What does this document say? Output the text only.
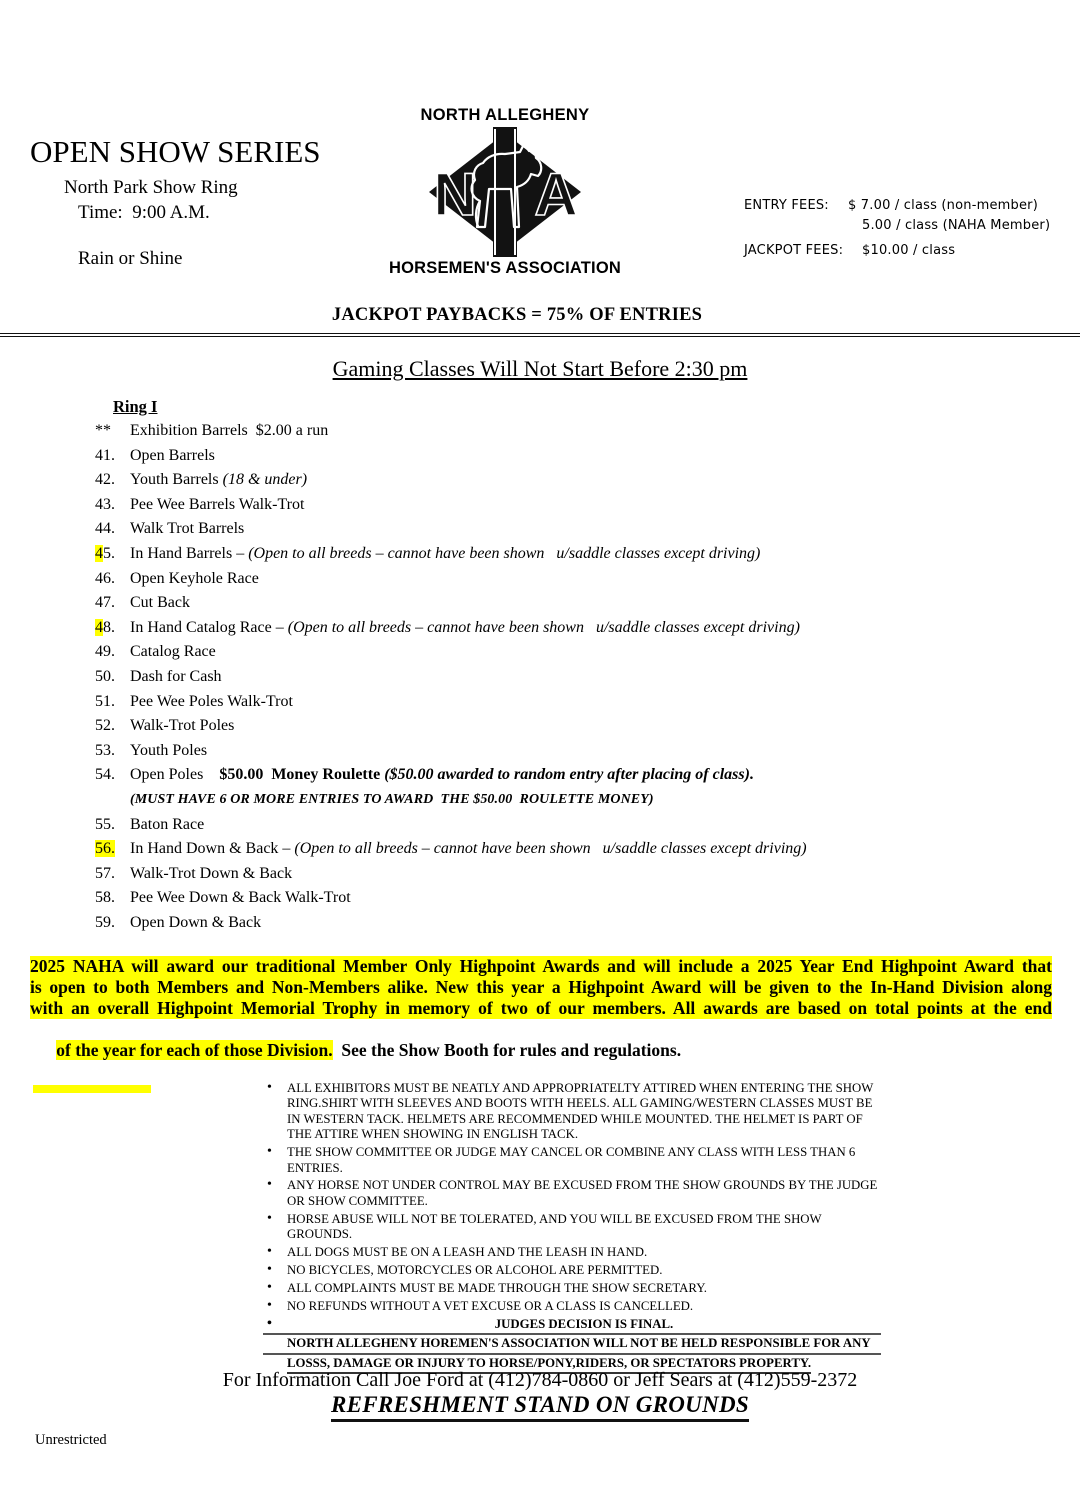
OPEN SHOW SERIES
North Park Show Ring
Time:  9:00 A.M.
Rain or Shine
NORTH ALLEGHENY
N A
HORSEMEN'S ASSOCIATION
ENTRY FEES:	$ 7.00 / class (non-member)
5.00 / class (NAHA Member)
JACKPOT FEES:	$10.00 / class
JACKPOT PAYBACKS = 75% OF ENTRIES
Gaming Classes Will Not Start Before 2:30 pm
Ring I
** Exhibition Barrels  $2.00 a run
41. Open Barrels
42. Youth Barrels (18 & under)
43. Pee Wee Barrels Walk-Trot
44. Walk Trot Barrels
45. In Hand Barrels – (Open to all breeds – cannot have been shown   u/saddle classes except driving)
46. Open Keyhole Race
47. Cut Back
48. In Hand Catalog Race – (Open to all breeds – cannot have been shown   u/saddle classes except driving)
49. Catalog Race
50. Dash for Cash
51. Pee Wee Poles Walk-Trot
52. Walk-Trot Poles
53. Youth Poles
54. Open Poles    $50.00  Money Roulette ($50.00 awarded to random entry after placing of class).
(MUST HAVE 6 OR MORE ENTRIES TO AWARD  THE $50.00  ROULETTE MONEY)
55. Baton Race
56. In Hand Down & Back – (Open to all breeds – cannot have been shown   u/saddle classes except driving)
57. Walk-Trot Down & Back
58. Pee Wee Down & Back Walk-Trot
59. Open Down & Back
2025 NAHA will award our traditional Member Only Highpoint Awards and will include a 2025 Year End Highpoint Award that
is open to both Members and Non-Members alike. New this year a Highpoint Award will be given to the In-Hand Division along
with an overall Highpoint Memorial Trophy in memory of two of our members. All awards are based on total points at the end

of the year for each of those Division.  See the Show Booth for rules and regulations.

• ALL EXHIBITORS MUST BE NEATLY AND APPROPRIATELTY ATTIRED WHEN ENTERING THE SHOW RING.SHIRT WITH SLEEVES AND BOOTS WITH HEELS. ALL GAMING/WESTERN CLASSES MUST BE IN WESTERN TACK. HELMETS ARE RECOMMENDED WHILE MOUNTED. THE HELMET IS PART OF THE ATTIRE WHEN SHOWING IN ENGLISH TACK.
• THE SHOW COMMITTEE OR JUDGE MAY CANCEL OR COMBINE ANY CLASS WITH LESS THAN 6 ENTRIES.
• ANY HORSE NOT UNDER CONTROL MAY BE EXCUSED FROM THE SHOW GROUNDS BY THE JUDGE OR SHOW COMMITTEE.
• HORSE ABUSE WILL NOT BE TOLERATED, AND YOU WILL BE EXCUSED FROM THE SHOW GROUNDS.
• ALL DOGS MUST BE ON A LEASH AND THE LEASH IN HAND.
• NO BICYCLES, MOTORCYCLES OR ALCOHOL ARE PERMITTED.
• ALL COMPLAINTS MUST BE MADE THROUGH THE SHOW SECRETARY.
• NO REFUNDS WITHOUT A VET EXCUSE OR A CLASS IS CANCELLED.
•	JUDGES DECISION IS FINAL.
NORTH ALLEGHENY HOREMEN'S ASSOCIATION WILL NOT BE HELD RESPONSIBLE FOR ANY
LOSSS, DAMAGE OR INJURY TO HORSE/PONY,RIDERS, OR SPECTATORS PROPERTY.
For Information Call Joe Ford at (412)784-0860 or Jeff Sears at (412)559-2372
REFRESHMENT STAND ON GROUNDS
Unrestricted
